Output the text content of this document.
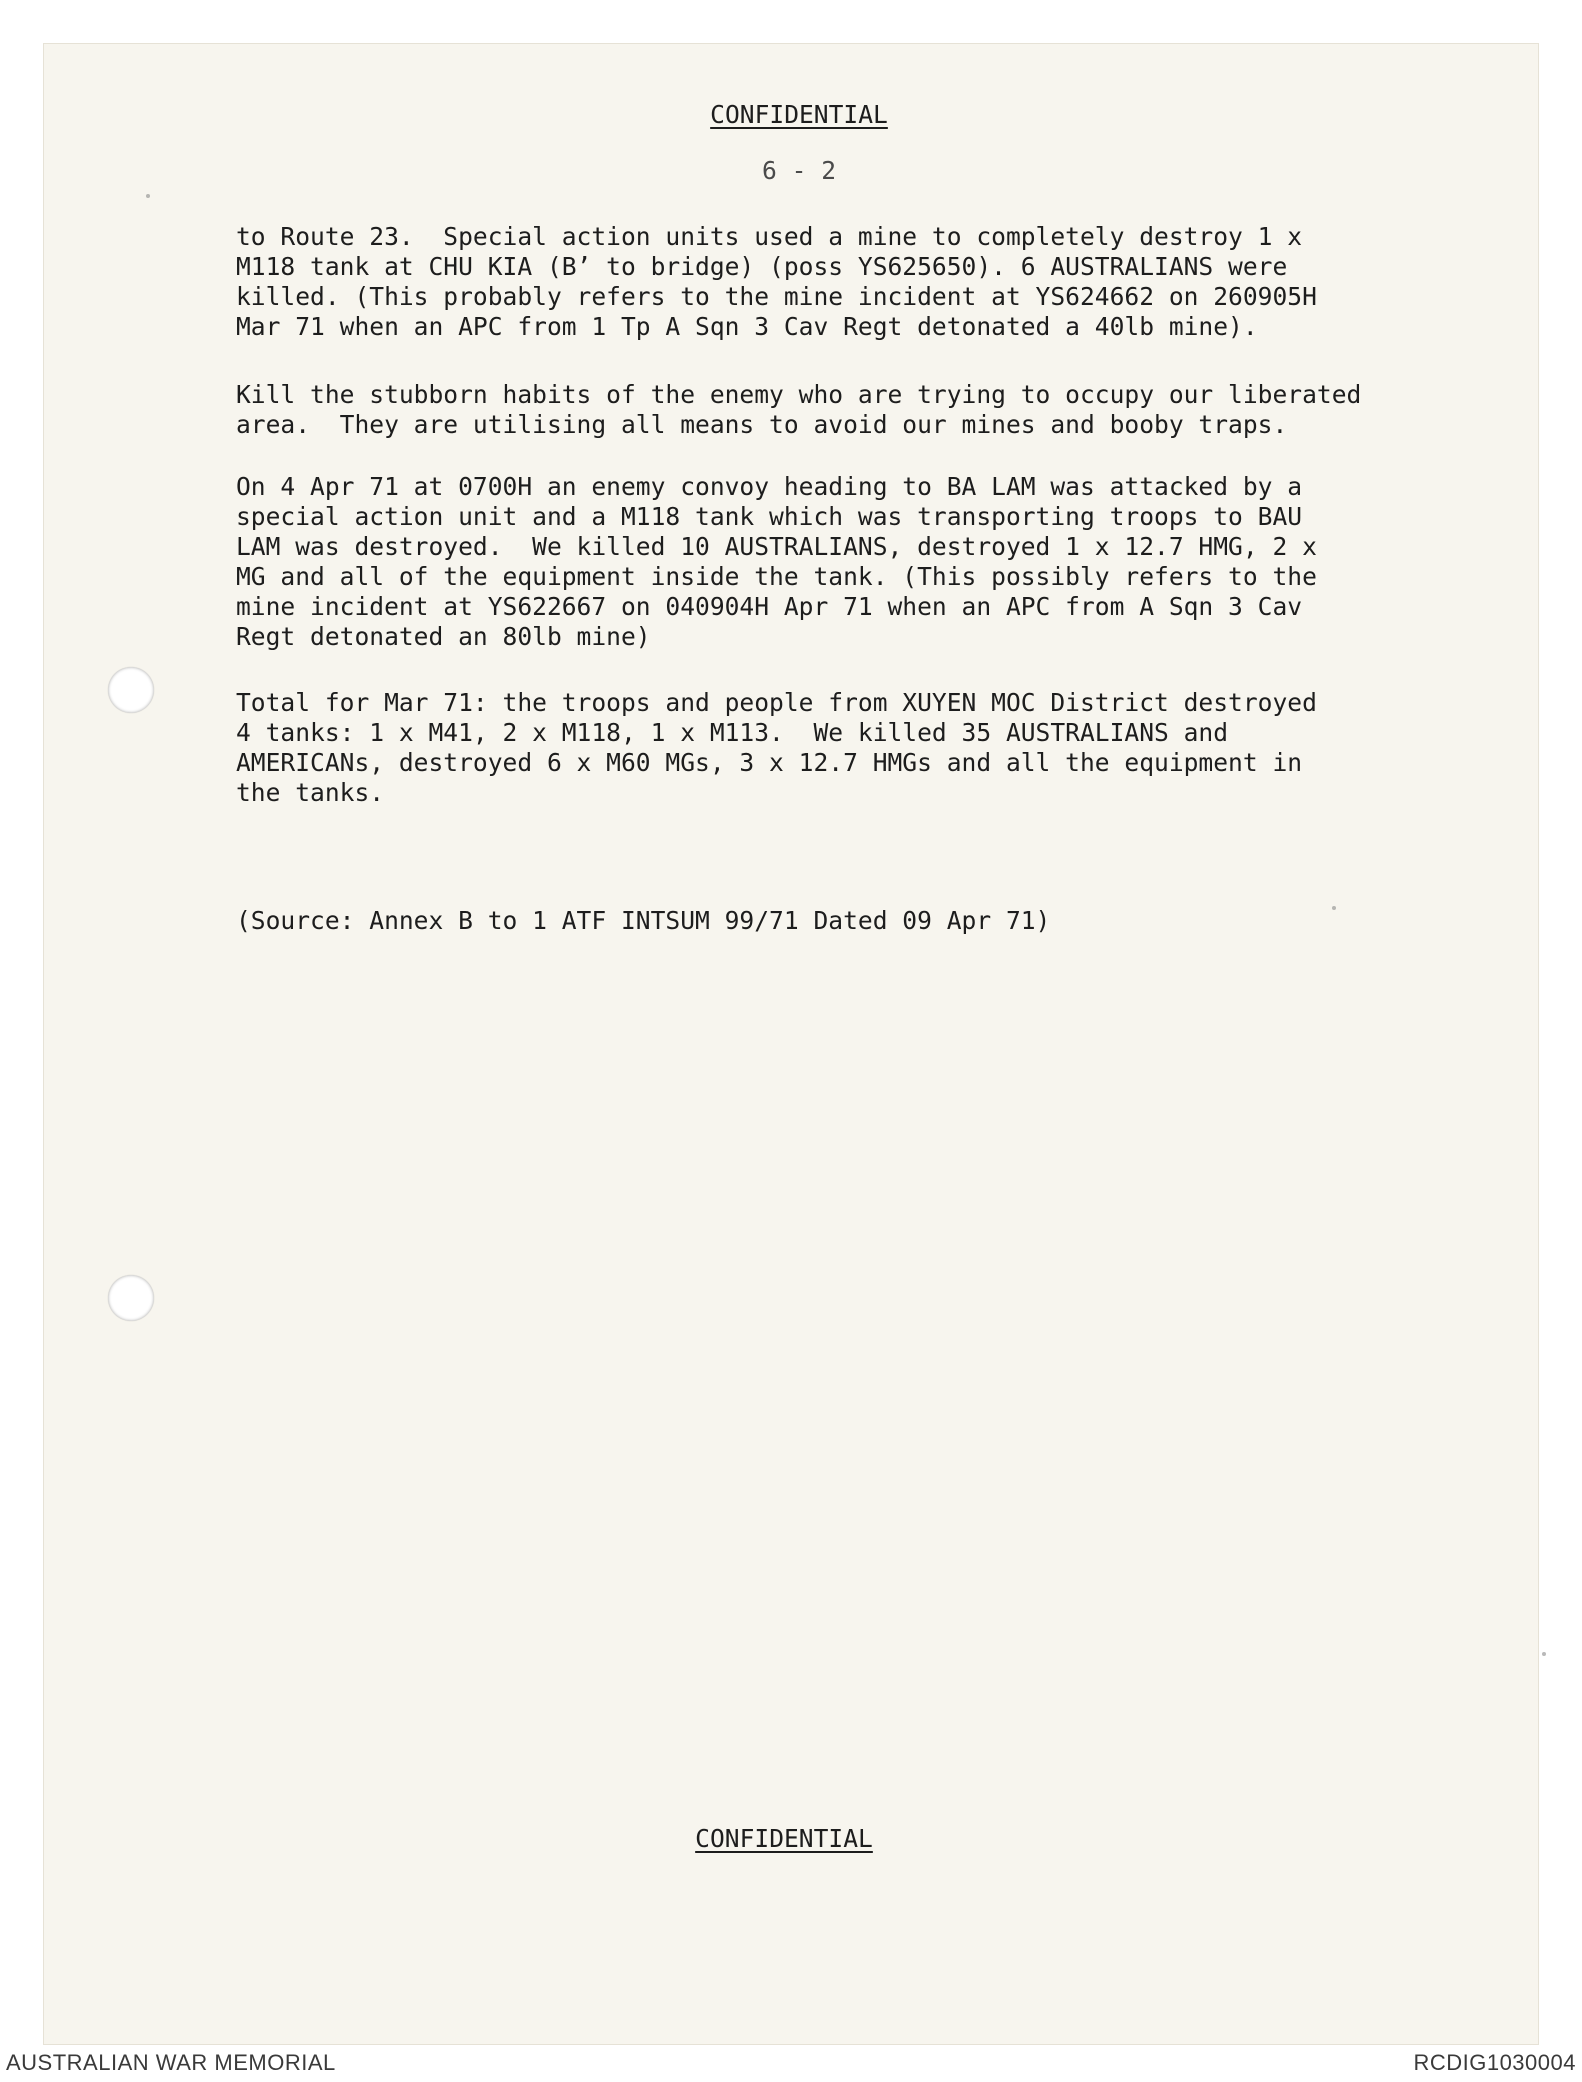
CONFIDENTIAL
6 - 2
to Route 23.  Special action units used a mine to completely destroy 1 x
M118 tank at CHU KIA (B’ to bridge) (poss YS625650). 6 AUSTRALIANS were
killed. (This probably refers to the mine incident at YS624662 on 260905H
Mar 71 when an APC from 1 Tp A Sqn 3 Cav Regt detonated a 40lb mine).
Kill the stubborn habits of the enemy who are trying to occupy our liberated
area.  They are utilising all means to avoid our mines and booby traps.
On 4 Apr 71 at 0700H an enemy convoy heading to BA LAM was attacked by a
special action unit and a M118 tank which was transporting troops to BAU
LAM was destroyed.  We killed 10 AUSTRALIANS, destroyed 1 x 12.7 HMG, 2 x
MG and all of the equipment inside the tank. (This possibly refers to the
mine incident at YS622667 on 040904H Apr 71 when an APC from A Sqn 3 Cav
Regt detonated an 80lb mine)
Total for Mar 71: the troops and people from XUYEN MOC District destroyed
4 tanks: 1 x M41, 2 x M118, 1 x M113.  We killed 35 AUSTRALIANS and
AMERICANs, destroyed 6 x M60 MGs, 3 x 12.7 HMGs and all the equipment in
the tanks.
(Source: Annex B to 1 ATF INTSUM 99/71 Dated 09 Apr 71)
CONFIDENTIAL
AUSTRALIAN WAR MEMORIAL	RCDIG1030004
